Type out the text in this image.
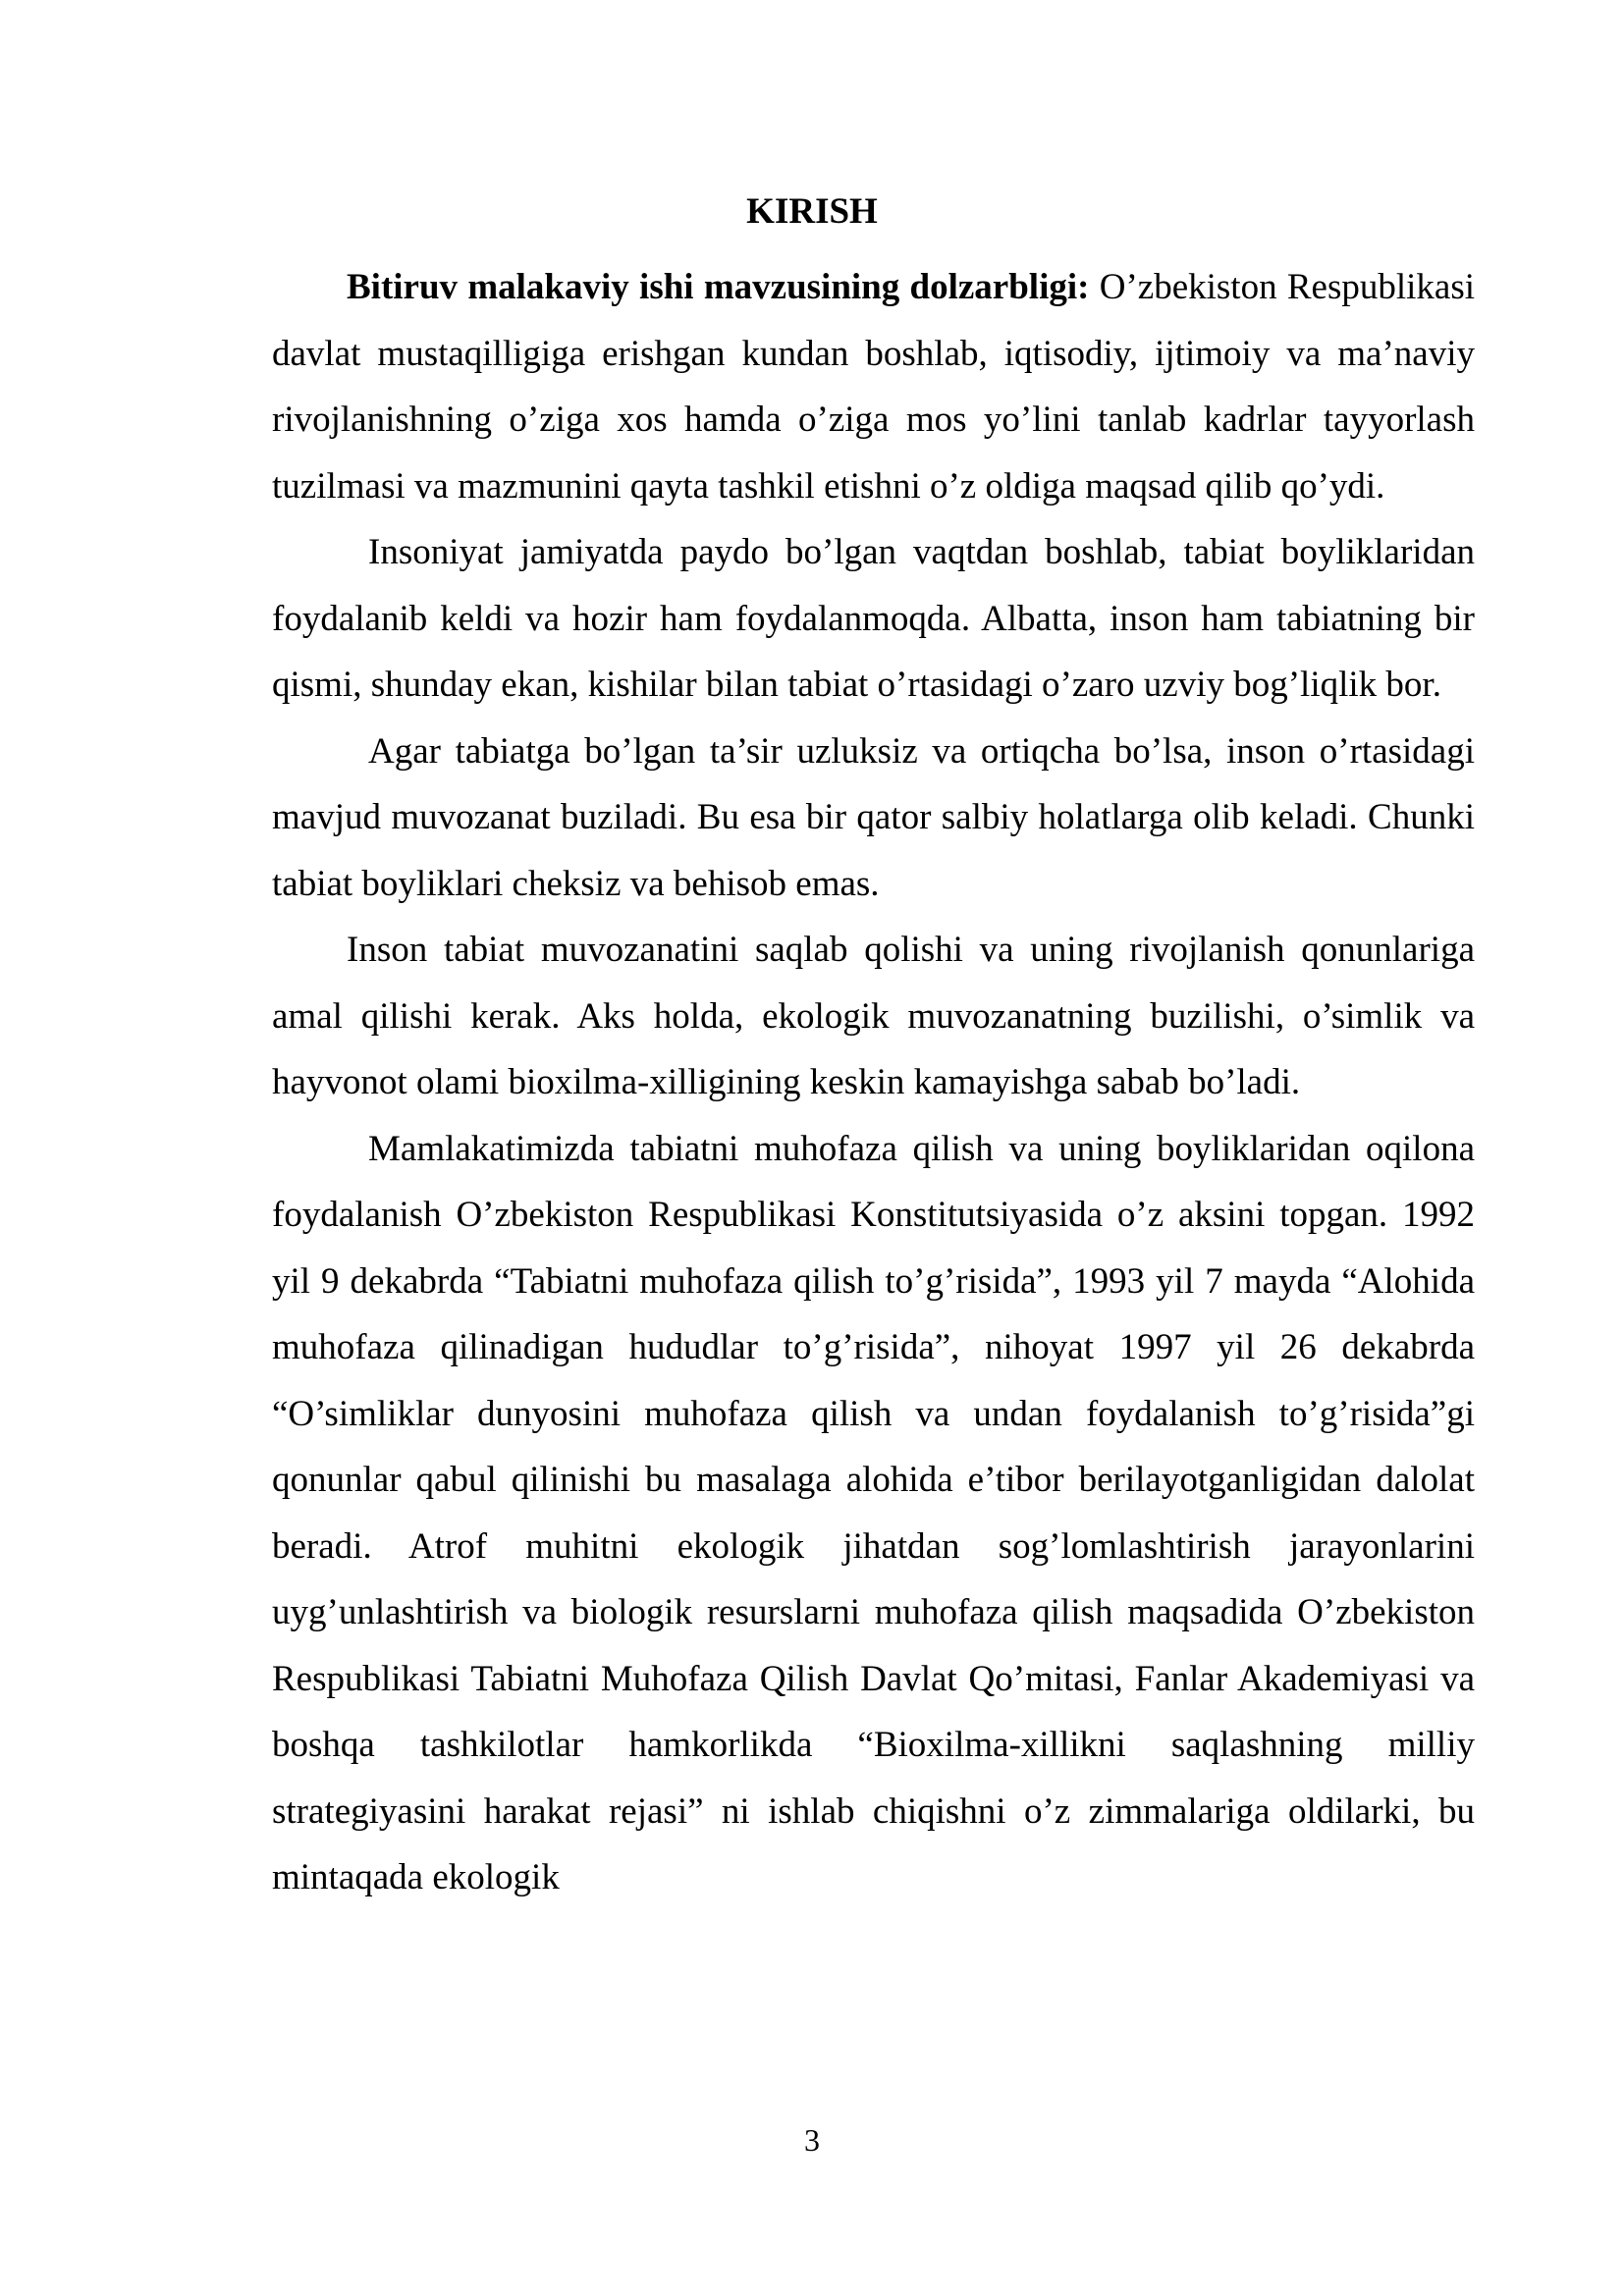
KIRISH

Bitiruv malakaviy ishi mavzusining dolzarbligi: O’zbekiston Respublikasi davlat mustaqilligiga erishgan kundan boshlab, iqtisodiy, ijtimoiy va ma’naviy rivojlanishning o’ziga xos hamda o’ziga mos yo’lini tanlab kadrlar tayyorlash tuzilmasi va mazmunini qayta tashkil etishni o’z oldiga maqsad qilib qo’ydi.

Insoniyat jamiyatda paydo bo’lgan vaqtdan boshlab, tabiat boyliklaridan foydalanib keldi va hozir ham foydalanmoqda. Albatta, inson ham tabiatning bir qismi, shunday ekan, kishilar bilan tabiat o’rtasidagi o’zaro uzviy bog’liqlik bor.

Agar tabiatga bo’lgan ta’sir uzluksiz va ortiqcha bo’lsa, inson o’rtasidagi mavjud muvozanat buziladi. Bu esa bir qator salbiy holatlarga olib keladi. Chunki tabiat boyliklari cheksiz va behisob emas.

Inson tabiat muvozanatini saqlab qolishi va uning rivojlanish qonunlariga amal qilishi kerak. Aks holda, ekologik muvozanatning buzilishi, o’simlik va hayvonot olami bioxilma-xilligining keskin kamayishga sabab bo’ladi.

Mamlakatimizda tabiatni muhofaza qilish va uning boyliklaridan oqilona foydalanish O’zbekiston Respublikasi Konstitutsiyasida o’z aksini topgan. 1992 yil 9 dekabrda “Tabiatni muhofaza qilish to’g’risida”, 1993 yil 7 mayda “Alohida muhofaza qilinadigan hududlar to’g’risida”, nihoyat 1997 yil 26 dekabrda “O’simliklar dunyosini muhofaza qilish va undan foydalanish to’g’risida”gi qonunlar qabul qilinishi bu masalaga alohida e’tibor berilayotganligidan dalolat beradi. Atrof muhitni ekologik jihatdan sog’lomlashtirish jarayonlarini uyg’unlashtirish va biologik resurslarni muhofaza qilish maqsadida O’zbekiston Respublikasi Tabiatni Muhofaza Qilish Davlat Qo’mitasi, Fanlar Akademiyasi va boshqa tashkilotlar hamkorlikda “Bioxilma-xillikni saqlashning milliy strategiyasini harakat rejasi” ni ishlab chiqishni o’z zimmalariga oldilarki, bu mintaqada ekologik

3
